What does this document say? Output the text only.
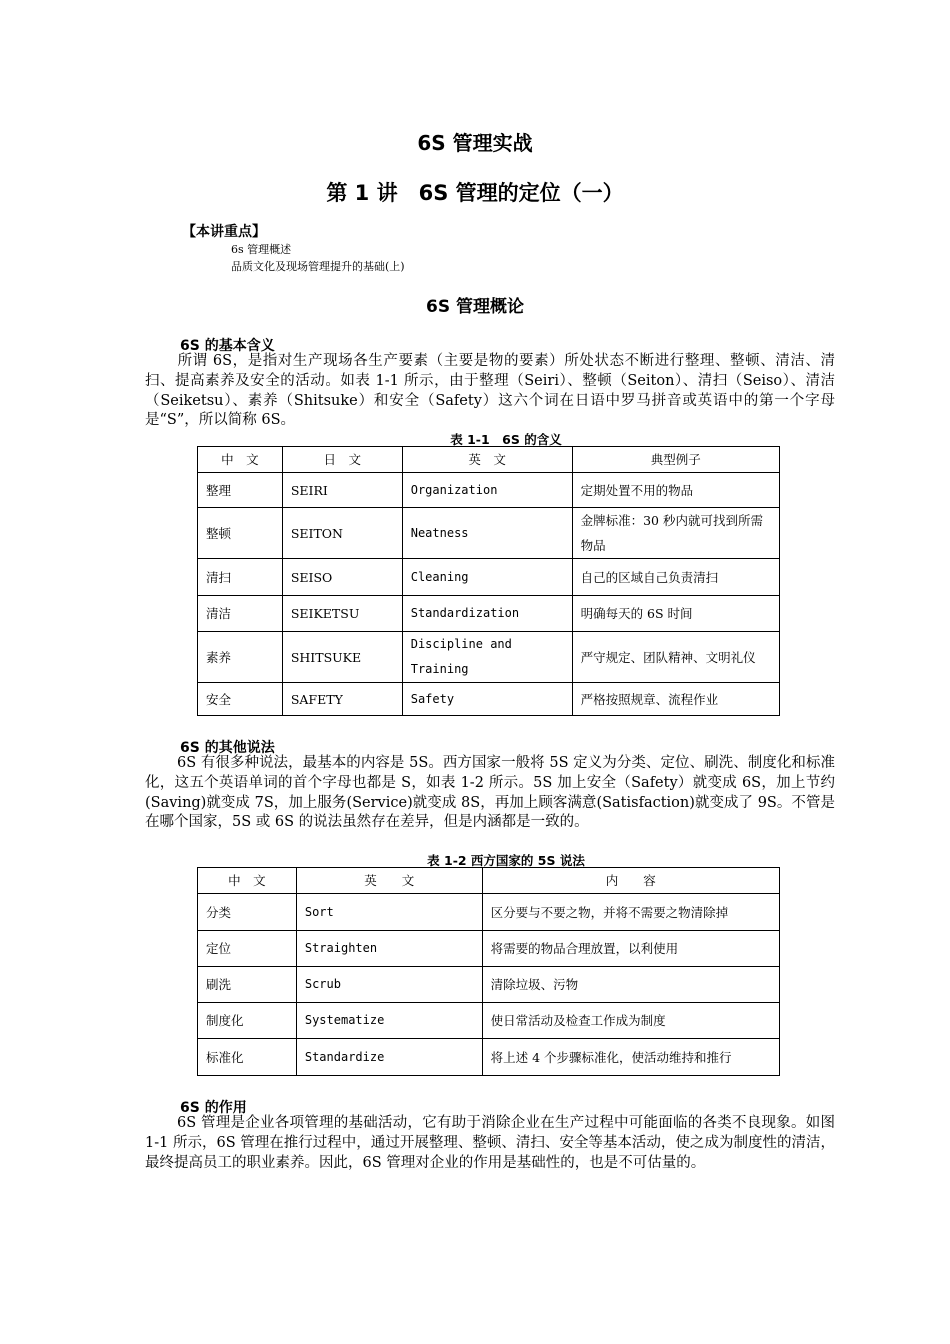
6S 管理实战
第 1 讲　6S 管理的定位（一）
【本讲重点】
6s 管理概述
品质文化及现场管理提升的基础(上)
6S 管理概论
6S 的基本含义

所谓 6S，是指对生产现场各生产要素（主要是物的要素）所处状态不断进行整理、整顿、清洁、清扫、提高素养及安全的活动。如表 1-1 所示，由于整理（Seiri）、整顿（Seiton）、清扫（Seiso）、清洁（Seiketsu）、素养（Shitsuke）和安全（Safety）这六个词在日语中罗马拼音或英语中的第一个字母是“S”，所以简称 6S。

表 1-1　6S 的含义
中　文	日　文	英　文	典型例子
整理	SEIRI	Organization	定期处置不用的物品
整顿	SEITON	Neatness	金牌标准：30 秒内就可找到所需物品
清扫	SEISO	Cleaning	自己的区域自己负责清扫
清洁	SEIKETSU	Standardization	明确每天的 6S 时间
素养	SHITSUKE	Discipline and Training	严守规定、团队精神、文明礼仪
安全	SAFETY	Safety	严格按照规章、流程作业
6S 的其他说法

6S 有很多种说法，最基本的内容是 5S。西方国家一般将 5S 定义为分类、定位、刷洗、制度化和标准化，这五个英语单词的首个字母也都是 S，如表 1-2 所示。5S 加上安全（Safety）就变成 6S，加上节约(Saving)就变成 7S，加上服务(Service)就变成 8S，再加上顾客满意(Satisfaction)就变成了 9S。不管是在哪个国家，5S 或 6S 的说法虽然存在差异，但是内涵都是一致的。

表 1-2 西方国家的 5S 说法
中　文	英　　文	内　　容
分类	Sort	区分要与不要之物，并将不需要之物清除掉
定位	Straighten	将需要的物品合理放置，以利使用
刷洗	Scrub	清除垃圾、污物
制度化	Systematize	使日常活动及检查工作成为制度
标准化	Standardize	将上述 4 个步骤标准化，使活动维持和推行
6S 的作用

6S 管理是企业各项管理的基础活动，它有助于消除企业在生产过程中可能面临的各类不良现象。如图 1-1 所示，6S 管理在推行过程中，通过开展整理、整顿、清扫、安全等基本活动，使之成为制度性的清洁，最终提高员工的职业素养。因此，6S 管理对企业的作用是基础性的，也是不可估量的。
